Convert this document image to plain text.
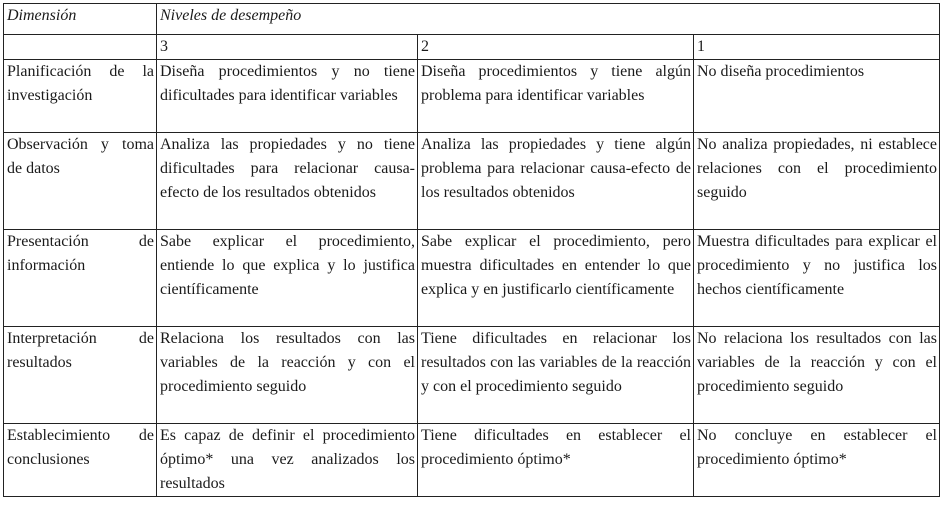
Dimensión	Niveles de desempeño		
	3	2	1
Planificación de la investigación	Diseña procedimientos y no tiene dificultades para identificar variables	Diseña procedimientos y tiene algún problema para identificar variables	No diseña procedimientos
Observación y toma de datos	Analiza las propiedades y no tiene dificultades para relacionar causa-efecto de los resultados obtenidos	Analiza las propiedades y tiene algún problema para relacionar causa-efecto de los resultados obtenidos	No analiza propiedades, ni establece relaciones con el procedimiento seguido
Presentación de información	Sabe explicar el procedimiento, entiende lo que explica y lo justifica científicamente	Sabe explicar el procedimiento, pero muestra dificultades en entender lo que explica y en justificarlo científicamente	Muestra dificultades para explicar el procedimiento y no justifica los hechos científicamente
Interpretación de resultados	Relaciona los resultados con las variables de la reacción y con el procedimiento seguido	Tiene dificultades en relacionar los resultados con las variables de la reacción y con el procedimiento seguido	No relaciona los resultados con las variables de la reacción y con el procedimiento seguido
Establecimiento de conclusiones	Es capaz de definir el procedimiento óptimo* una vez analizados los resultados	Tiene dificultades en establecer el procedimiento óptimo*	No concluye en establecer el procedimiento óptimo*
